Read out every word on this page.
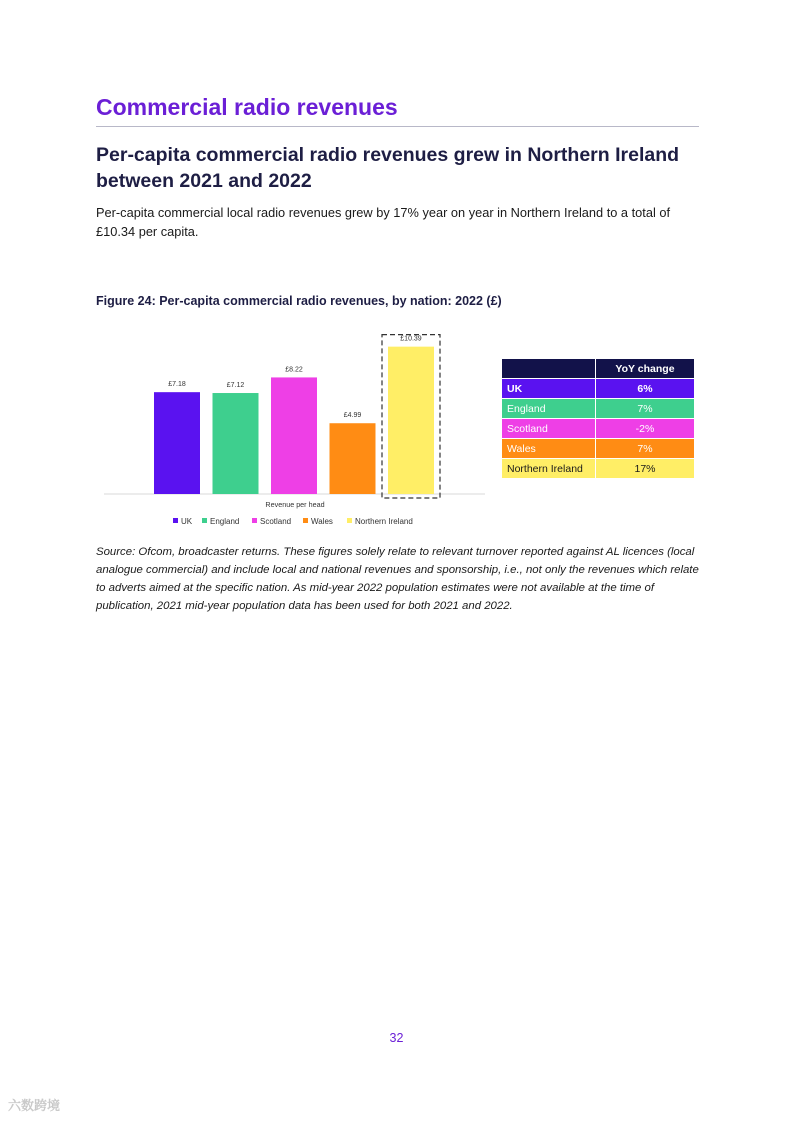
Commercial radio revenues
Per-capita commercial radio revenues grew in Northern Ireland between 2021 and 2022

Per-capita commercial local radio revenues grew by 17% year on year in Northern Ireland to a total of £10.34 per capita.

Figure 24: Per-capita commercial radio revenues, by nation: 2022 (£)

£7.18	£7.12
£8.22
£4.99
£10.39
Revenue per head
UK England	Scotland Wales	Northern Ireland
	YoY change
UK	6%
England	7%
Scotland	-2%
Wales	7%
Northern Ireland	17%

Source: Ofcom, broadcaster returns. These figures solely relate to relevant turnover reported against AL licences (local analogue commercial) and include local and national revenues and sponsorship, i.e., not only the revenues which relate to adverts aimed at the specific nation. As mid-year 2022 population estimates were not available at the time of publication, 2021 mid-year population data has been used for both 2021 and 2022.

32
六数跨境
